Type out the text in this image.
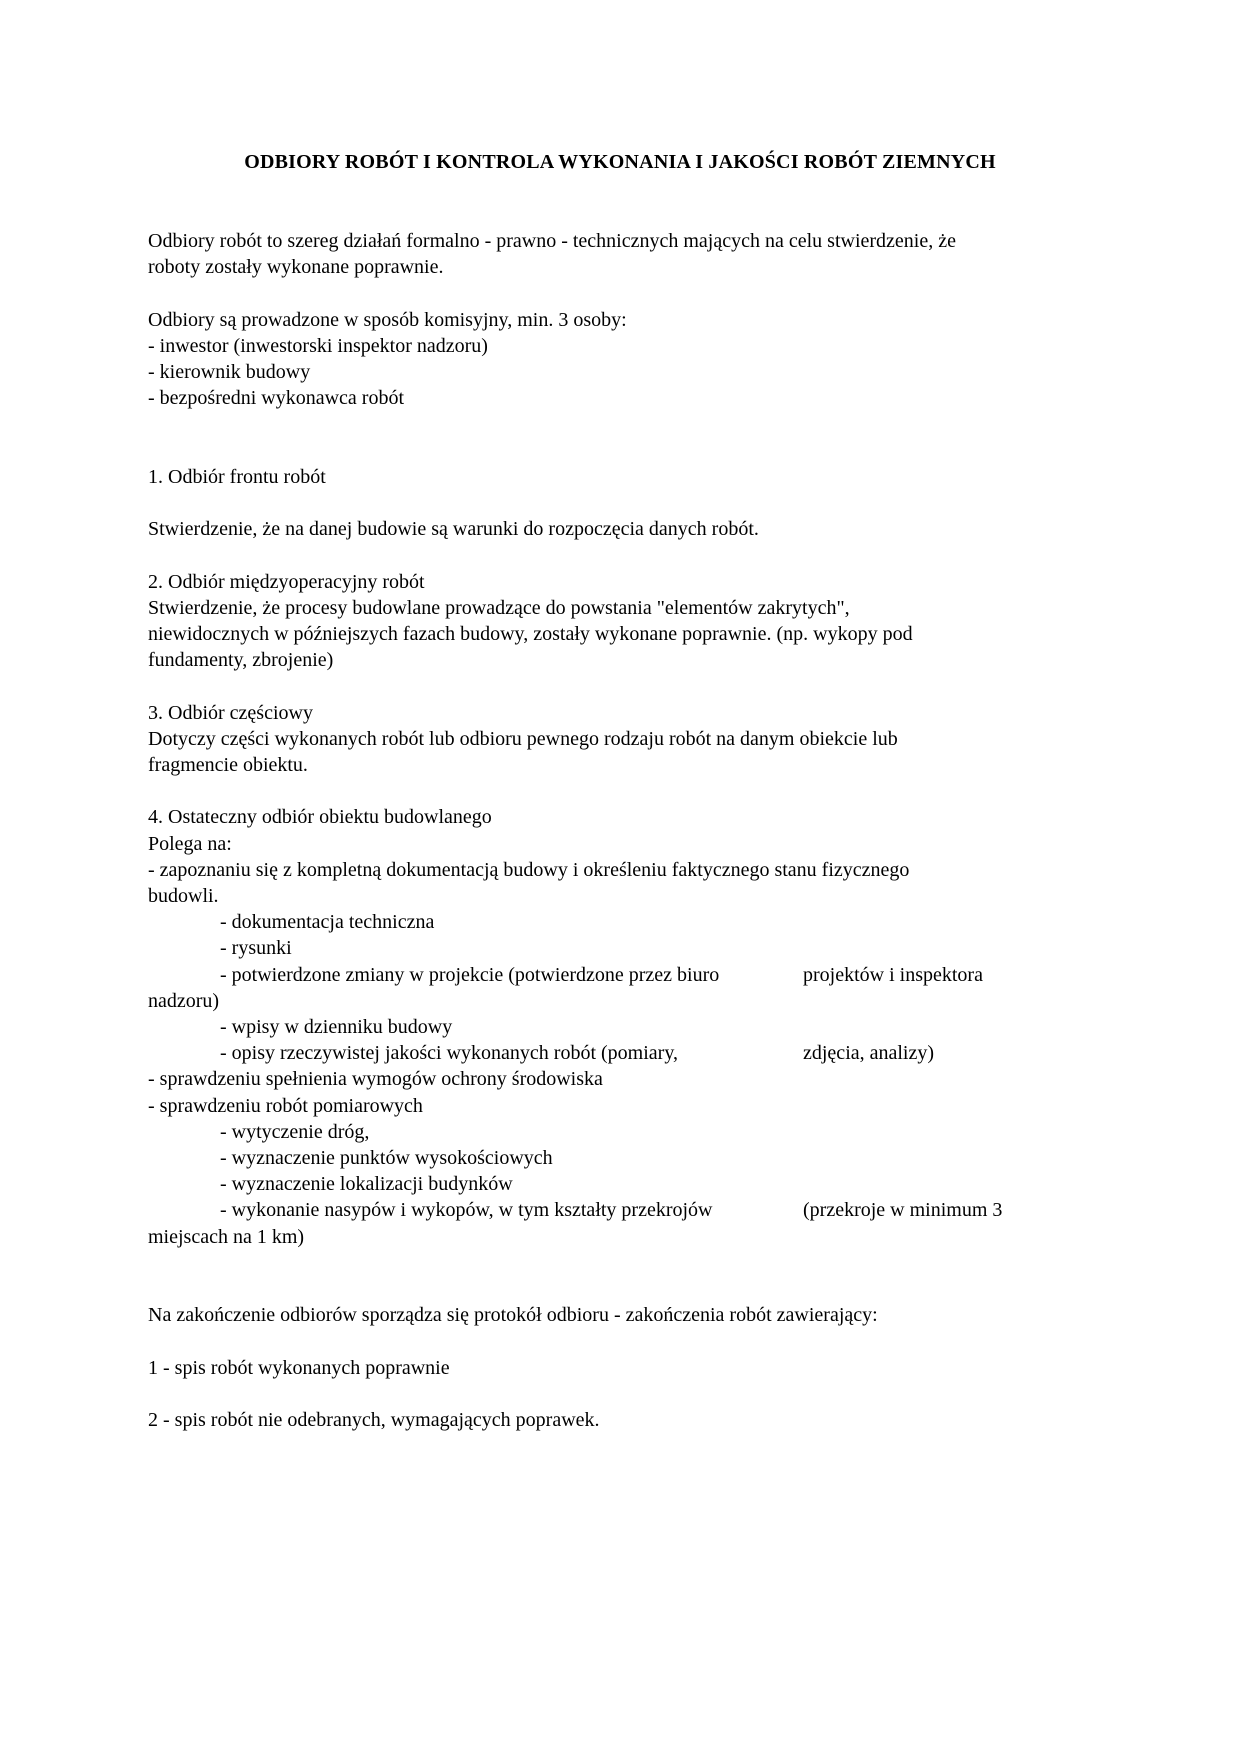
ODBIORY ROBÓT I KONTROLA WYKONANIA I JAKOŚCI ROBÓT ZIEMNYCH

Odbiory robót to szereg działań formalno - prawno - technicznych mających na celu stwierdzenie, że

roboty zostały wykonane poprawnie.

Odbiory są prowadzone w sposób komisyjny, min. 3 osoby:

- inwestor (inwestorski inspektor nadzoru)

- kierownik budowy

- bezpośredni wykonawca robót

1. Odbiór frontu robót

Stwierdzenie, że na danej budowie są warunki do rozpoczęcia danych robót.

2. Odbiór międzyoperacyjny robót

Stwierdzenie, że procesy budowlane prowadzące do powstania "elementów zakrytych",

niewidocznych w późniejszych fazach budowy, zostały wykonane poprawnie. (np. wykopy pod

fundamenty, zbrojenie)

3. Odbiór częściowy

Dotyczy części wykonanych robót lub odbioru pewnego rodzaju robót na danym obiekcie lub

fragmencie obiektu.

4. Ostateczny odbiór obiektu budowlanego

Polega na:

- zapoznaniu się z kompletną dokumentacją budowy i określeniu faktycznego stanu fizycznego

budowli.

- dokumentacja techniczna

- rysunki

- potwierdzone zmiany w projekcie (potwierdzone przez biuro	projektów i inspektora

nadzoru)

- wpisy w dzienniku budowy

- opisy rzeczywistej jakości wykonanych robót (pomiary,	zdjęcia, analizy)

- sprawdzeniu spełnienia wymogów ochrony środowiska

- sprawdzeniu robót pomiarowych

- wytyczenie dróg,

- wyznaczenie punktów wysokościowych

- wyznaczenie lokalizacji budynków

- wykonanie nasypów i wykopów, w tym kształty przekrojów	(przekroje w minimum 3

miejscach na 1 km)

Na zakończenie odbiorów sporządza się protokół odbioru - zakończenia robót zawierający:

1 - spis robót wykonanych poprawnie

2 - spis robót nie odebranych, wymagających poprawek.
